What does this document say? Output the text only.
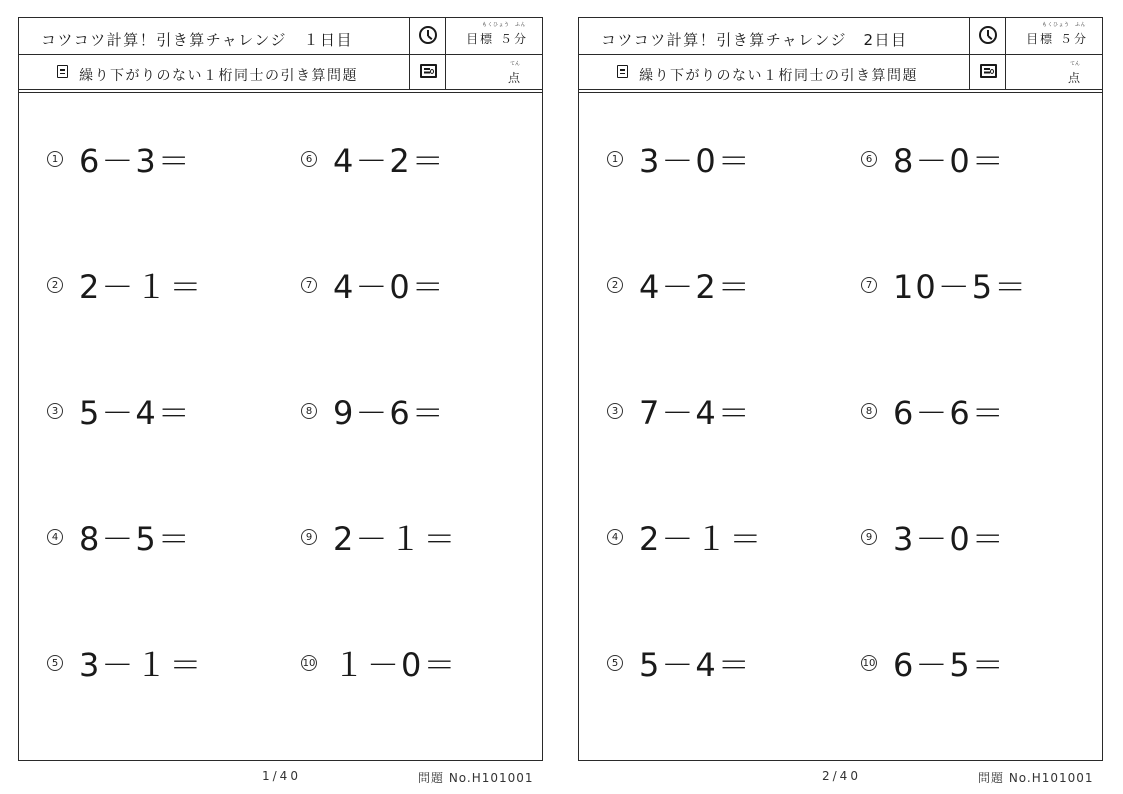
コツコツ計算！引き算チャレンジ　１日目
もくひょう　ふん
目標 ５分
繰り下がりのない１桁同士の引き算問題
てん
点
1 6－3＝
2 2－１＝
3 5－4＝
4 8－5＝
5 3－１＝
6 4－2＝
7 4－0＝
8 9－6＝
9 2－１＝
10 １－0＝
1/40	問題 No.H101001
コツコツ計算！引き算チャレンジ　2日目
もくひょう　ふん
目標 ５分
繰り下がりのない１桁同士の引き算問題
てん
点
1 3－0＝
2 4－2＝
3 7－4＝
4 2－１＝
5 5－4＝
6 8－0＝
7 10－5＝
8 6－6＝
9 3－0＝
10 6－5＝
2/40	問題 No.H101001
